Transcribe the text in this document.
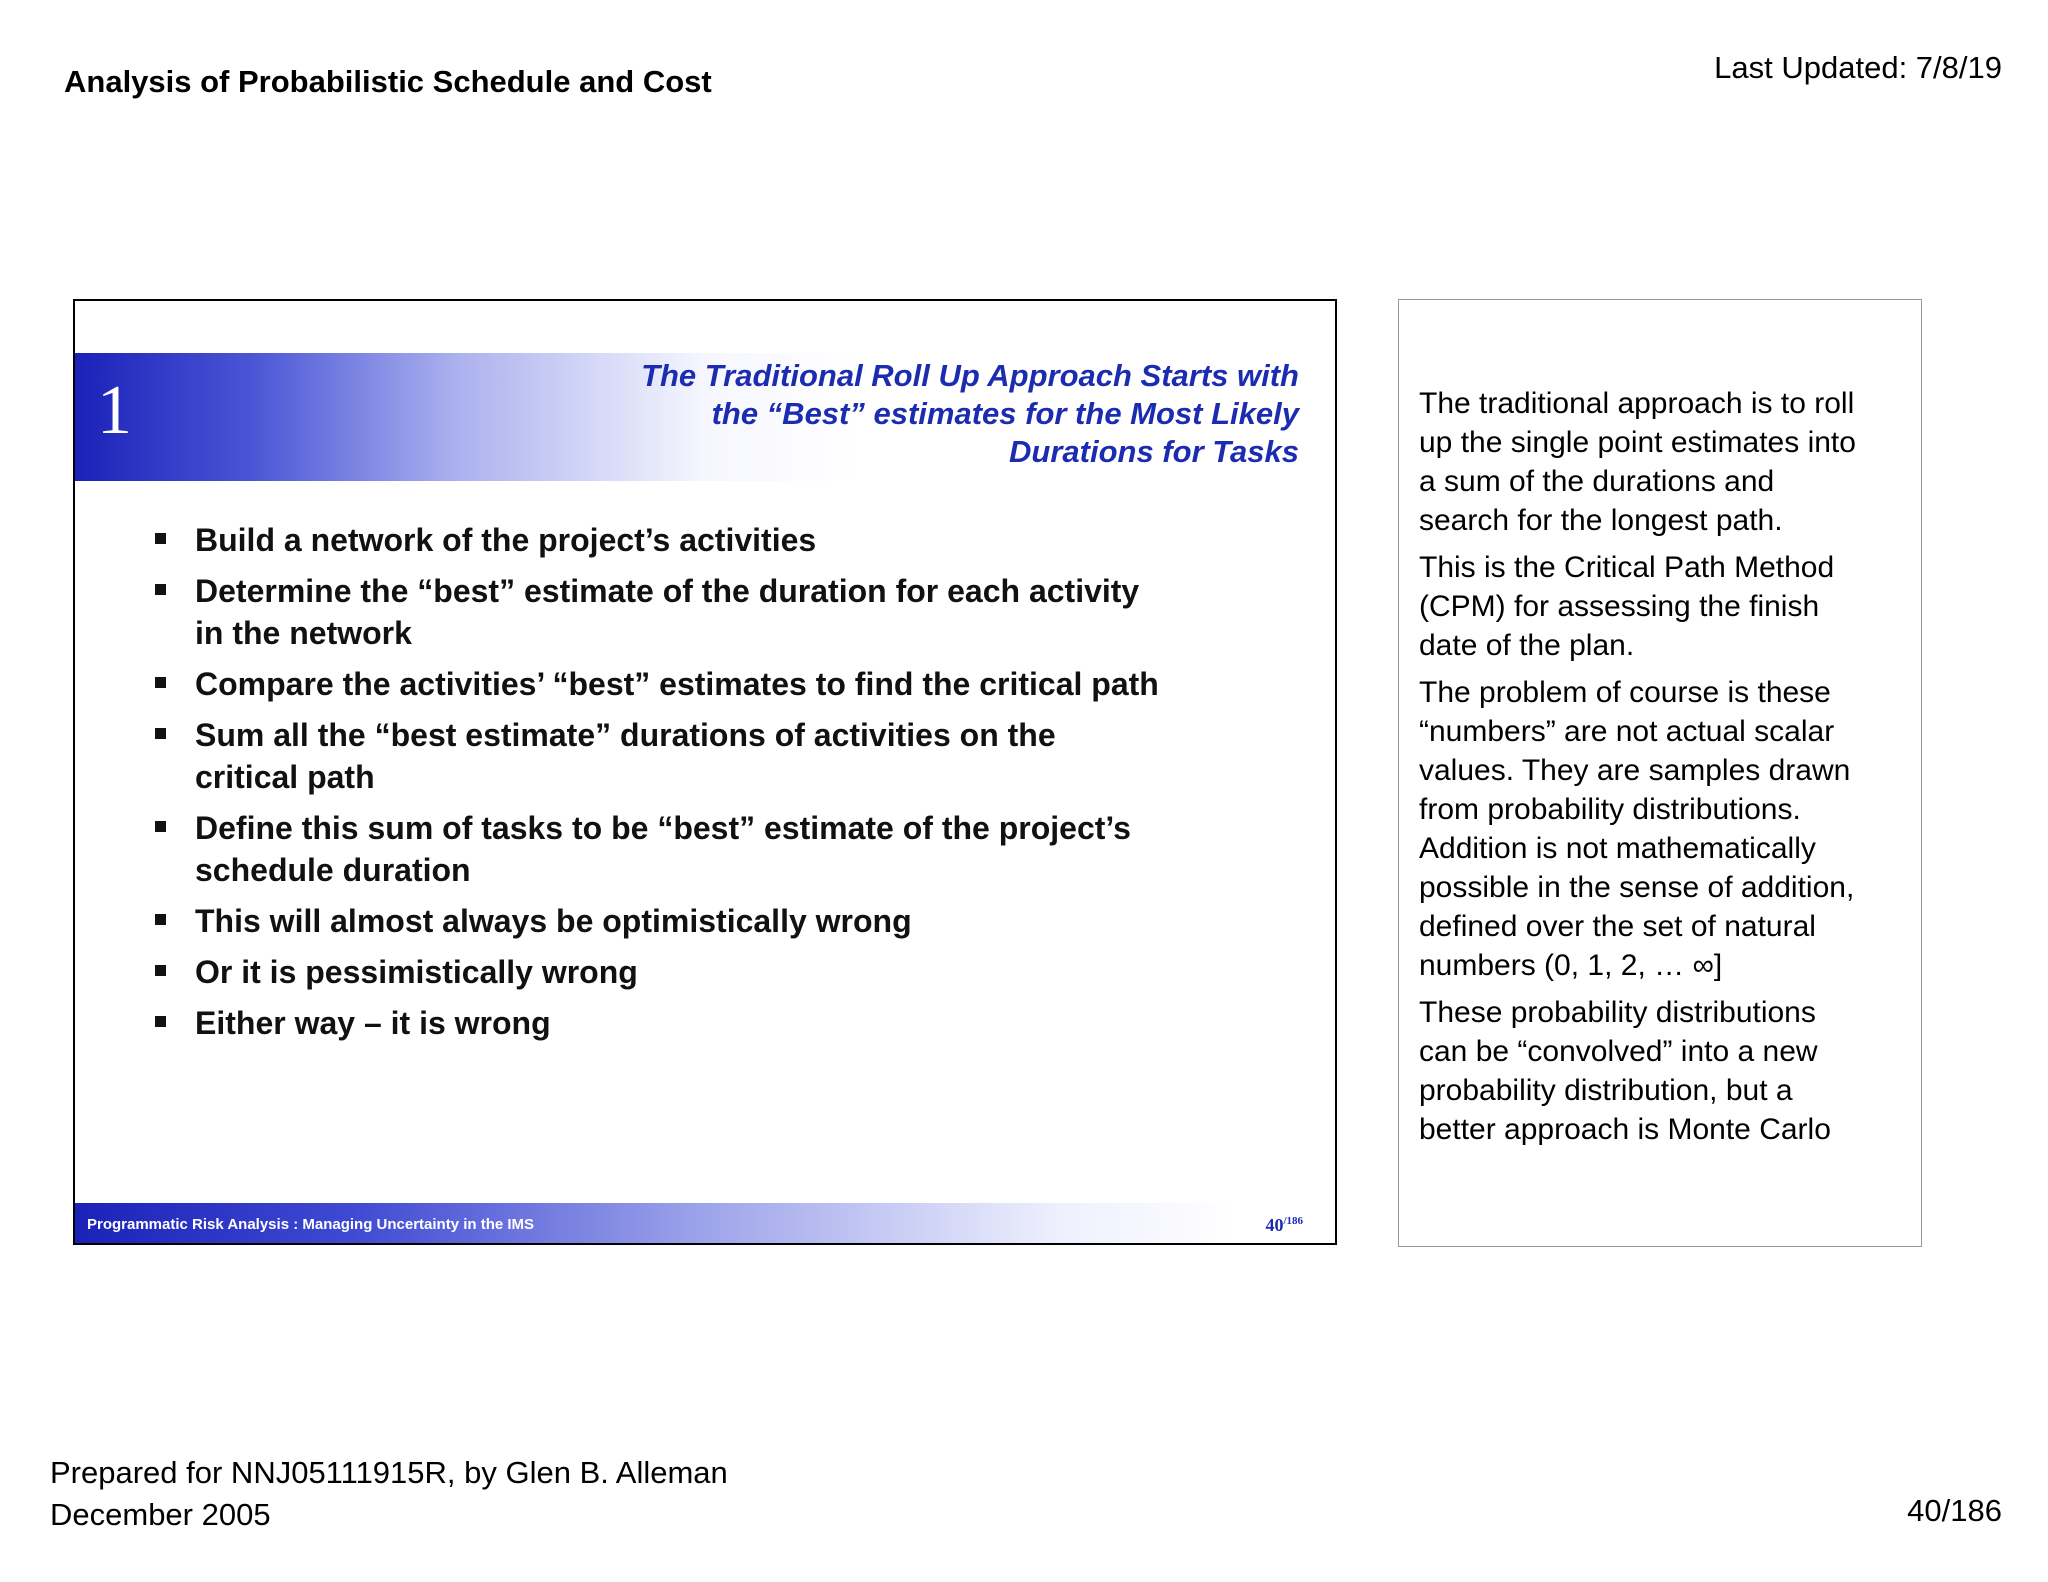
Analysis of Probabilistic Schedule and Cost	Last Updated: 7/8/19
1	The Traditional Roll Up Approach Starts with
the “Best” estimates for the Most Likely
Durations for Tasks
Build a network of the project’s activities
Determine the “best” estimate of the duration for each activity
in the network
Compare the activities’ “best” estimates to find the critical path
Sum all the “best estimate” durations of activities on the
critical path
Define this sum of tasks to be “best” estimate of the project’s
schedule duration
This will almost always be optimistically wrong
Or it is pessimistically wrong
Either way – it is wrong
Programmatic Risk Analysis : Managing Uncertainty in the IMS	$40^{/186}$

The traditional approach is to roll
up the single point estimates into
a sum of the durations and
search for the longest path.

This is the Critical Path Method
(CPM) for assessing the finish
date of the plan.

The problem of course is these
“numbers” are not actual scalar
values. They are samples drawn
from probability distributions.
Addition is not mathematically
possible in the sense of addition,
defined over the set of natural
numbers (0, 1, 2, … ∞]

These probability distributions
can be “convolved” into a new
probability distribution, but a
better approach is Monte Carlo

Prepared for NNJ05111915R, by Glen B. Alleman
December 2005	40/186
